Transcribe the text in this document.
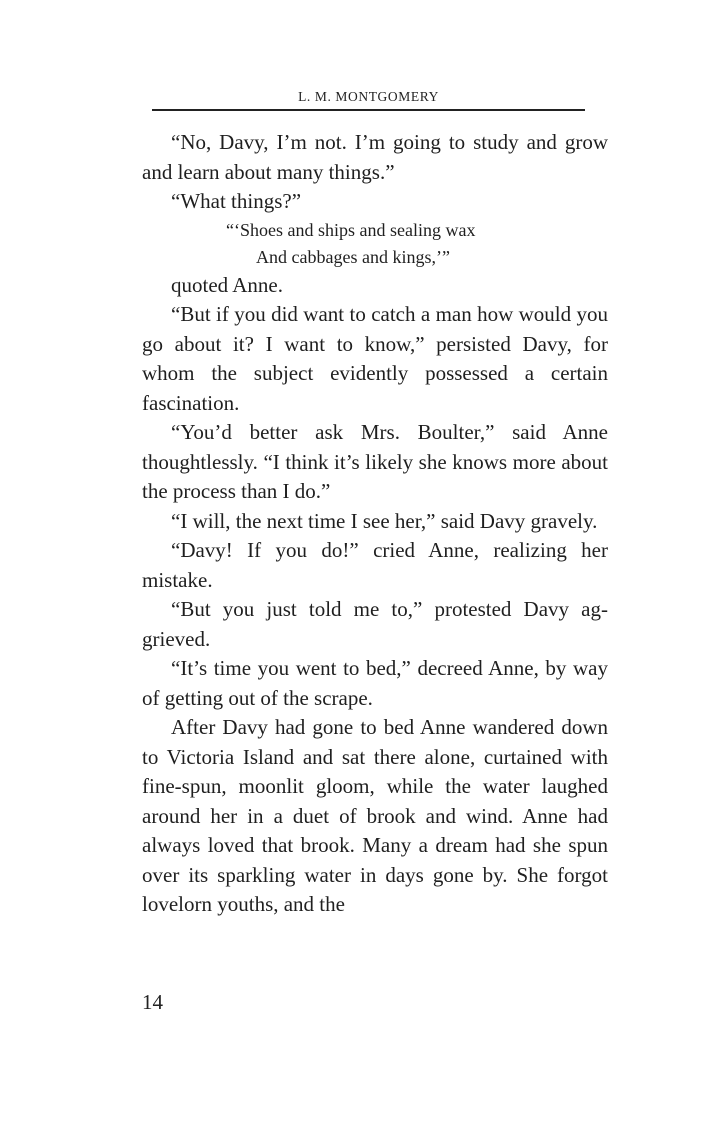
L. M. MONTGOMERY

“No, Davy, I’m not. I’m going to study and grow and learn about many things.”

“What things?”

“‘Shoes and ships and sealing wax
And cabbages and kings,’”

quoted Anne.

“But if you did want to catch a man how would you go about it? I want to know,” persisted Davy, for whom the subject evidently possessed a certain fascination.

“You’d better ask Mrs. Boulter,” said Anne thoughtlessly. “I think it’s likely she knows more about the process than I do.”

“I will, the next time I see her,” said Davy gravely.

“Davy! If you do!” cried Anne, realizing her mistake.

“But you just told me to,” protested Davy aggrieved.

“It’s time you went to bed,” decreed Anne, by way of getting out of the scrape.

After Davy had gone to bed Anne wandered down to Victoria Island and sat there alone, curtained with fine-spun, moonlit gloom, while the water laughed around her in a duet of brook and wind. Anne had always loved that brook. Many a dream had she spun over its sparkling water in days gone by. She forgot lovelorn youths, and the

14
